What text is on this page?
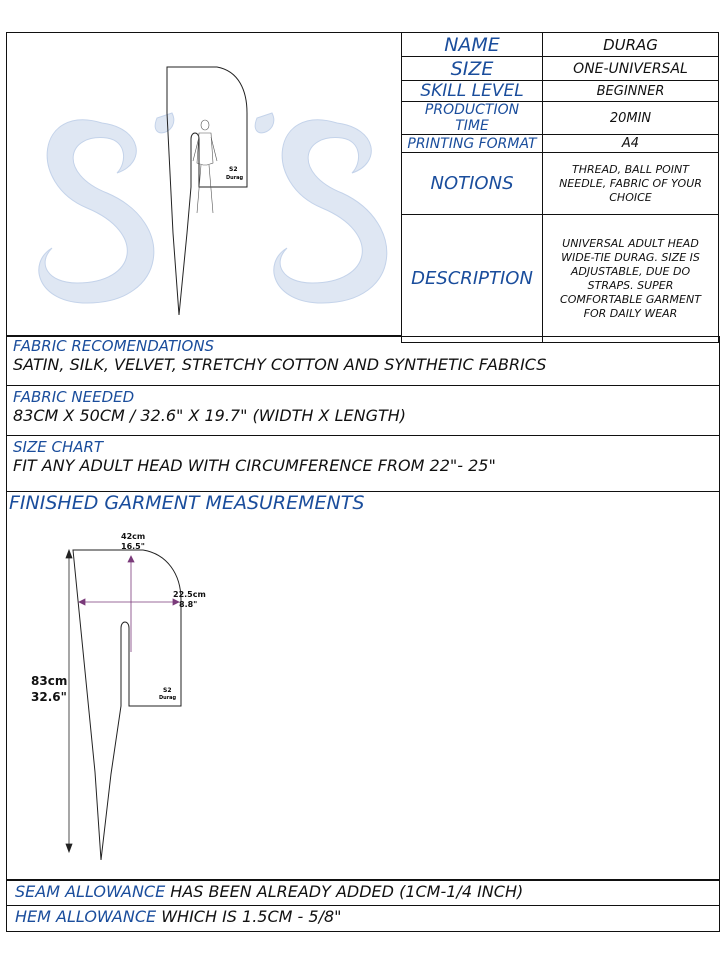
S2
Durag
NAME	DURAG
SIZE	ONE-UNIVERSAL
SKILL LEVEL	BEGINNER
PRODUCTION TIME	20MIN
PRINTING FORMAT	A4
NOTIONS	THREAD, BALL POINT NEEDLE, FABRIC OF YOUR CHOICE
DESCRIPTION	UNIVERSAL ADULT HEAD WIDE-TIE DURAG. SIZE IS ADJUSTABLE, DUE DO STRAPS. SUPER COMFORTABLE GARMENT FOR DAILY WEAR
FABRIC RECOMENDATIONS
SATIN, SILK, VELVET, STRETCHY COTTON AND SYNTHETIC FABRICS
FABRIC NEEDED
83CM X 50CM / 32.6" X 19.7" (WIDTH X LENGTH)
SIZE CHART
FIT ANY ADULT HEAD WITH CIRCUMFERENCE FROM 22"- 25"
FINISHED GARMENT MEASUREMENTS
S2
Durag
42cm
16.5"
22.5cm
8.8"
83cm
32.6"
SEAM ALLOWANCE HAS BEEN ALREADY ADDED (1CM-1/4 INCH)
HEM ALLOWANCE WHICH IS 1.5CM - 5/8"
